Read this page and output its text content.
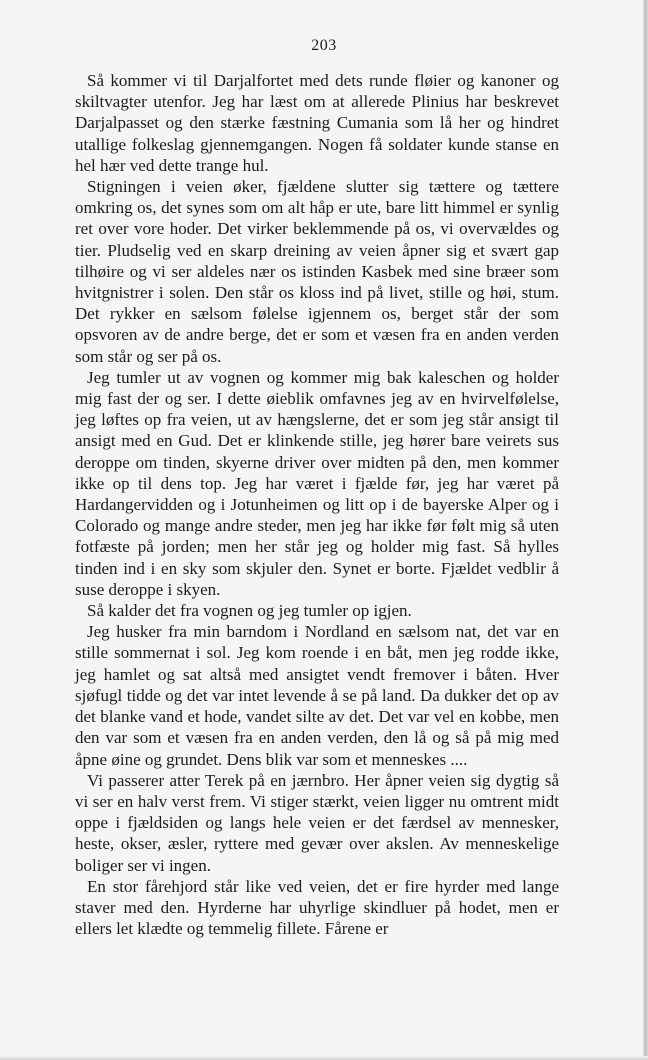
203

Så kommer vi til Darjalfortet med dets runde fløier og kanoner og skiltvagter utenfor. Jeg har læst om at allerede Plinius har beskrevet Darjalpasset og den stærke fæstning Cumania som lå her og hindret utallige folkeslag gjennemgangen. Nogen få soldater kunde stanse en hel hær ved dette trange hul.

Stigningen i veien øker, fjældene slutter sig tættere og tættere omkring os, det synes som om alt håp er ute, bare litt himmel er synlig ret over vore hoder. Det virker beklemmende på os, vi overvældes og tier. Pludselig ved en skarp dreining av veien åpner sig et svært gap tilhøire og vi ser aldeles nær os istinden Kasbek med sine bræer som hvitgnistrer i solen. Den står os kloss ind på livet, stille og høi, stum. Det rykker en sælsom følelse igjennem os, berget står der som opsvoren av de andre berge, det er som et væsen fra en anden verden som står og ser på os.

Jeg tumler ut av vognen og kommer mig bak kaleschen og holder mig fast der og ser. I dette øieblik omfavnes jeg av en hvirvelfølelse, jeg løftes op fra veien, ut av hængslerne, det er som jeg står ansigt til ansigt med en Gud. Det er klinkende stille, jeg hører bare veirets sus deroppe om tinden, skyerne driver over midten på den, men kommer ikke op til dens top. Jeg har været i fjælde før, jeg har været på Hardangervidden og i Jotunheimen og litt op i de bayerske Alper og i Colorado og mange andre steder, men jeg har ikke før følt mig så uten fotfæste på jorden; men her står jeg og holder mig fast. Så hylles tinden ind i en sky som skjuler den. Synet er borte. Fjældet vedblir å suse deroppe i skyen.

Så kalder det fra vognen og jeg tumler op igjen.

Jeg husker fra min barndom i Nordland en sælsom nat, det var en stille sommernat i sol. Jeg kom roende i en båt, men jeg rodde ikke, jeg hamlet og sat altså med ansigtet vendt fremover i båten. Hver sjøfugl tidde og det var intet levende å se på land. Da dukker det op av det blanke vand et hode, vandet silte av det. Det var vel en kobbe, men den var som et væsen fra en anden verden, den lå og så på mig med åpne øine og grundet. Dens blik var som et menneskes ....

Vi passerer atter Terek på en jærnbro. Her åpner veien sig dygtig så vi ser en halv verst frem. Vi stiger stærkt, veien ligger nu omtrent midt oppe i fjældsiden og langs hele veien er det færdsel av mennesker, heste, okser, æsler, ryttere med gevær over akslen. Av menneskelige boliger ser vi ingen.

En stor fårehjord står like ved veien, det er fire hyrder med lange staver med den. Hyrderne har uhyrlige skindluer på hodet, men er ellers let klædte og temmelig fillete. Fårene er
